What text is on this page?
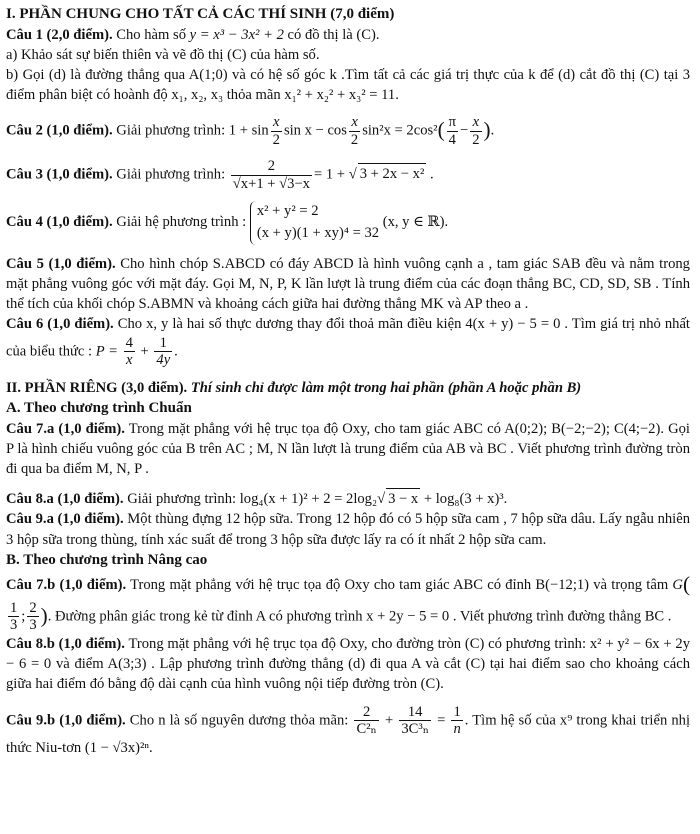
I. PHẦN CHUNG CHO TẤT CẢ CÁC THÍ SINH (7,0 điểm)

Câu 1 (2,0 điểm). Cho hàm số y = x³ − 3x² + 2 có đồ thị là (C).

a) Khảo sát sự biến thiên và vẽ đồ thị (C) của hàm số.

b) Gọi (d) là đường thẳng qua A(1;0) và có hệ số góc k .Tìm tất cả các giá trị thực của k để (d) cắt đồ thị (C) tại 3 điểm phân biệt có hoành độ x₁, x₂, x₃ thỏa mãn x₁² + x₂² + x₃² = 11.

Câu 2 (1,0 điểm). Giải phương trình: $1 + \sin \frac{x}{2}$ $\sin x - \cos \frac{x}{2} \sin^2x = 2\cos^2( \frac{\pi}{4} - \frac{x}{2}$ ).

Câu 3 (1,0 điểm). Giải phương trình: $\frac{2}{√x+1 + √3-x} = 1$ + √ 3 + 2x − x² .

Câu 4 (1,0 điểm). Giải hệ phương trình :
x² + y² = 2
(x + y)(1 + xy)⁴ = 32
(x, y ∈ ℝ).

Câu 5 (1,0 điểm). Cho hình chóp S.ABCD có đáy ABCD là hình vuông cạnh a , tam giác SAB đều và nằm trong mặt phẳng vuông góc với mặt đáy. Gọi M, N, P, K lần lượt là trung điểm của các đoạn thẳng BC, CD, SD, SB . Tính thể tích của khối chóp S.ABMN và khoảng cách giữa hai đường thẳng MK và AP theo a .

Câu 6 (1,0 điểm). Cho x, y là hai số thực dương thay đổi thoả mãn điều kiện 4(x + y) − 5 = 0 . Tìm giá trị nhỏ nhất của biểu thức : $P = \frac{4}{x} + \frac{1}{4y}$ .

II. PHẦN RIÊNG (3,0 điểm). Thí sinh chỉ được làm một trong hai phần (phần A hoặc phần B)

A. Theo chương trình Chuẩn

Câu 7.a (1,0 điểm). Trong mặt phẳng với hệ trục tọa độ Oxy, cho tam giác ABC có A(0;2); B(−2;−2); C(4;−2). Gọi P là hình chiếu vuông góc của B trên AC ; M, N lần lượt là trung điểm của AB và BC . Viết phương trình đường tròn đi qua ba điểm M, N, P .

Câu 8.a (1,0 điểm). Giải phương trình: log₄(x + 1)² + 2 = 2log₂√ 3 − x + log₈(3 + x)³.

Câu 9.a (1,0 điểm). Một thùng đựng 12 hộp sữa. Trong 12 hộp đó có 5 hộp sữa cam , 7 hộp sữa dâu. Lấy ngẫu nhiên 3 hộp sữa trong thùng, tính xác suất để trong 3 hộp sữa được lấy ra có ít nhất 2 hộp sữa cam.

B. Theo chương trình Nâng cao

Câu 7.b (1,0 điểm). Trong mặt phẳng với hệ trục tọa độ Oxy cho tam giác ABC có đỉnh B(−12;1) và trọng tâm G(
$\frac{1}{3}$ ; $\frac{2}{3}$ ). Đường phân giác trong kẻ từ đỉnh A có phương trình x + 2y − 5 = 0 . Viết phương trình đường thẳng BC .

Câu 8.b (1,0 điểm). Trong mặt phẳng với hệ trục tọa độ Oxy, cho đường tròn (C) có phương trình: x² + y² − 6x + 2y − 6 = 0 và điểm A(3;3) . Lập phương trình đường thẳng (d) đi qua A và cắt (C) tại hai điểm sao cho khoảng cách giữa hai điểm đó bằng độ dài cạnh của hình vuông nội tiếp đường tròn (C).

Câu 9.b (1,0 điểm). Cho n là số nguyên dương thỏa mãn: $\frac{2}{\text{C²ₙ}} + \frac{14}{\text{3C³ₙ}} = \frac{1}{n}$ . Tìm hệ số của x⁹ trong khai triển nhị thức Niu-tơn (1 − √3x)²ⁿ.
